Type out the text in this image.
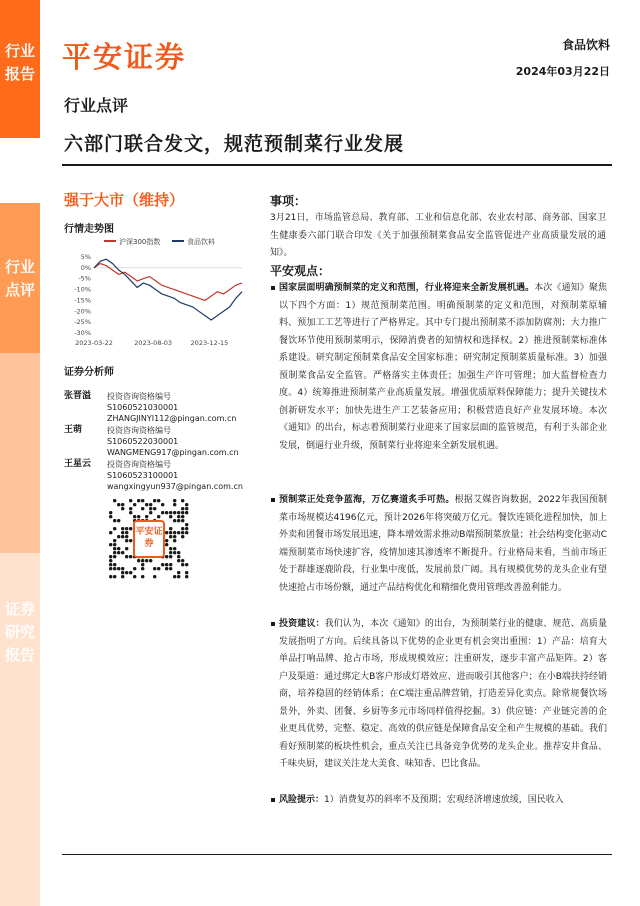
行业报告
行业点评
证券研究报告
平安证券	食品饮料
2024年03月22日
行业点评
六部门联合发文，规范预制菜行业发展
强于大市（维持）
行情走势图
沪深300指数	食品饮料
5%
0%
-5%
-10%
-15%
-20%
-25%
-30%
2023-03-22	2023-08-03	2023-12-15
证券分析师
张晋溢 投资咨询资格编号
S1060521030001
ZHANGJINYI112@pingan.com.cn
王萌	投资咨询资格编号
S1060522030001
WANGMENG917@pingan.com.cn
王星云 投资咨询资格编号
S1060523100001
wangxingyun937@pingan.com.cn
平安证券
事项：
3月21日，市场监管总局、教育部、工业和信息化部、农业农村部、商务部、国家卫生健康委六部门联合印发《关于加强预制菜食品安全监管促进产业高质量发展的通知》。
平安观点：
国家层面明确预制菜的定义和范围，行业将迎来全新发展机遇。本次《通知》聚焦以下四个方面：1）规范预制菜范围。明确预制菜的定义和范围，对预制菜原辅料、预加工工艺等进行了严格界定。其中专门提出预制菜不添加防腐剂；大力推广餐饮环节使用预制菜明示，保障消费者的知情权和选择权。2）推进预制菜标准体系建设。研究制定预制菜食品安全国家标准；研究制定预制菜质量标准。3）加强预制菜食品安全监管。严格落实主体责任；加强生产许可管理；加大监督检查力度。4）统筹推进预制菜产业高质量发展。增强优质原料保障能力；提升关键技术创新研发水平；加快先进生产工艺装备应用；积极营造良好产业发展环境。本次《通知》的出台，标志着预制菜行业迎来了国家层面的监管规范，有利于头部企业发展，倒逼行业升级，预制菜行业将迎来全新发展机遇。
预制菜正处竞争蓝海，万亿赛道炙手可热。根据艾媒咨询数据，2022年我国预制菜市场规模达4196亿元，预计2026年将突破万亿元。餐饮连锁化进程加快，加上外卖和团餐市场发展迅速，降本增效需求推动B端预制菜放量；社会结构变化驱动C端预制菜市场快速扩容，疫情加速其渗透率不断提升。行业格局来看，当前市场正处于群雄逐鹿阶段，行业集中度低，发展前景广阔。具有规模优势的龙头企业有望快速抢占市场份额，通过产品结构优化和精细化费用管理改善盈利能力。
投资建议：我们认为，本次《通知》的出台，为预制菜行业的健康、规范、高质量发展指明了方向。后续具备以下优势的企业更有机会突出重围：1）产品：培育大单品打响品牌、抢占市场，形成规模效应；注重研发，逐步丰富产品矩阵。2）客户及渠道：通过绑定大B客户形成灯塔效应、进而吸引其他客户；在小B端扶持经销商，培养稳固的经销体系；在C端注重品牌营销，打造差异化卖点。除常规餐饮场景外，外卖、团餐、乡厨等多元市场同样值得挖掘。3）供应链：产业链完善的企业更具优势，完整、稳定、高效的供应链是保障食品安全和产生规模的基础。我们看好预制菜的板块性机会，重点关注已具备竞争优势的龙头企业。推荐安井食品、千味央厨，建议关注龙大美食、味知香、巴比食品。
风险提示：1）消费复苏的斜率不及预期；宏观经济增速放缓，国民收入
